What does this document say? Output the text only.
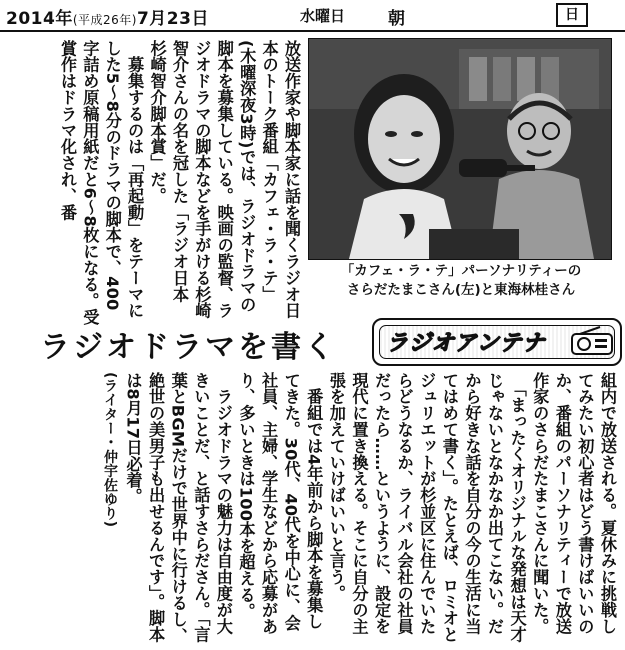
2014年(平成26年)7月23日	水曜日	朝	日
放送作家や脚本家に話を聞くラジオ日本のトーク番組「カフェ・ラ・テ」(木曜深夜3時)では、ラジオドラマの脚本を募集している。映画の監督、ラジオドラマの脚本などを手がける杉崎智介さんの名を冠した「ラジオ日本　杉崎智介脚本賞」だ。
　募集するのは「再起動」をテーマにした5〜8分のドラマの脚本で、400字詰め原稿用紙だと6〜8枚になる。受賞作はドラマ化され、番
「カフェ・ラ・テ」パーソナリティーの
さらだたまこさん(左)と東海林桂さん
ラジオドラマを書く ラジオアンテナ
組内で放送される。夏休みに挑戦してみたい初心者はどう書けばいいのか、番組のパーソナリティーで放送作家のさらだたまこさんに聞いた。
　「まったくオリジナルな発想は天才じゃないとなかなか出てこない。だから好きな話を自分の今の生活に当てはめて書く」。たとえば、ロミオとジュリエットが杉並区に住んでいたらどうなるか、ライバル会社の社員だったら……というように、設定を現代に置き換える。そこに自分の主張を加えていけばいいと言う。
　番組では4年前から脚本を募集してきた。30代、40代を中心に、会社員、主婦、学生などから応募があり、多いときは100本を超える。
　ラジオドラマの魅力は自由度が大きいことだ、と話すさらださん。「言葉とBGMだけで世界中に行けるし、絶世の美男子も出せるんです」。脚本は8月17日必着。
(ライター・仲宇佐ゆり)
